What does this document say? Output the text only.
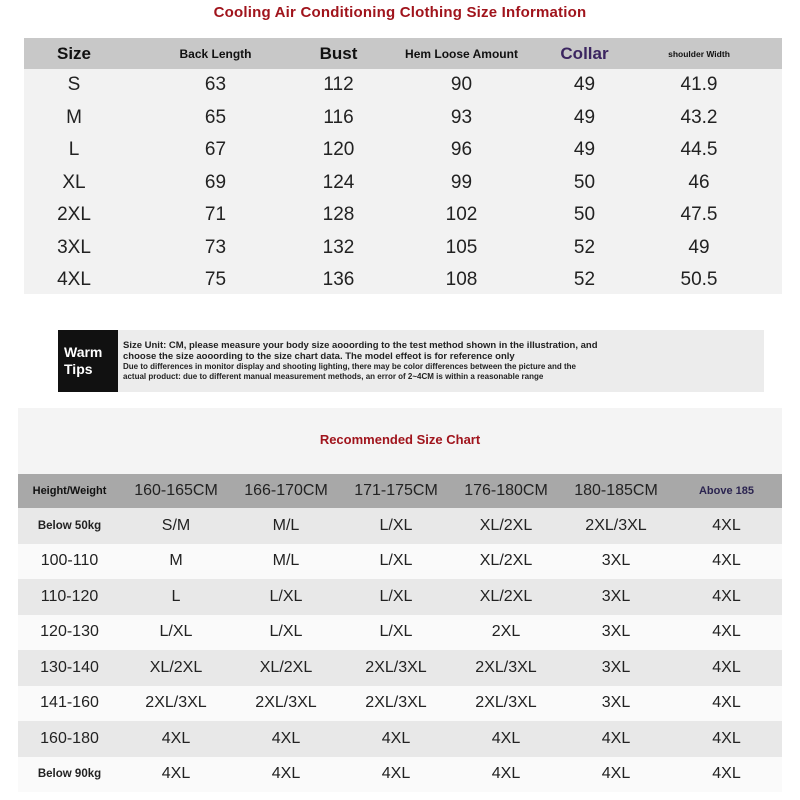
Cooling Air Conditioning Clothing Size Information
Size	Back Length	Bust	Hem Loose Amount	Collar	shoulder Width
S	63	112	90	49	41.9
M	65	116	93	49	43.2
L	67	120	96	49	44.5
XL	69	124	99	50	46
2XL	71	128	102	50	47.5
3XL	73	132	105	52	49
4XL	75	136	108	52	50.5
Warm
Tips
Size Unit: CM, please measure your body size aooording to the test method shown in the illustration, and
choose the size aooording to the size chart data. The model effeot is for reference only
Due to differences in monitor display and shooting lighting, there may be color differences between the picture and the
actual product: due to different manual measurement methods, an error of 2~4CM is within a reasonable range
Recommended Size Chart
Height/Weight	160-165CM	166-170CM	171-175CM	176-180CM	180-185CM	Above 185
Below 50kg	S/M	M/L	L/XL	XL/2XL	2XL/3XL	4XL
100-110	M	M/L	L/XL	XL/2XL	3XL	4XL
110-120	L	L/XL	L/XL	XL/2XL	3XL	4XL
120-130	L/XL	L/XL	L/XL	2XL	3XL	4XL
130-140	XL/2XL	XL/2XL	2XL/3XL	2XL/3XL	3XL	4XL
141-160	2XL/3XL	2XL/3XL	2XL/3XL	2XL/3XL	3XL	4XL
160-180	4XL	4XL	4XL	4XL	4XL	4XL
Below 90kg	4XL	4XL	4XL	4XL	4XL	4XL
